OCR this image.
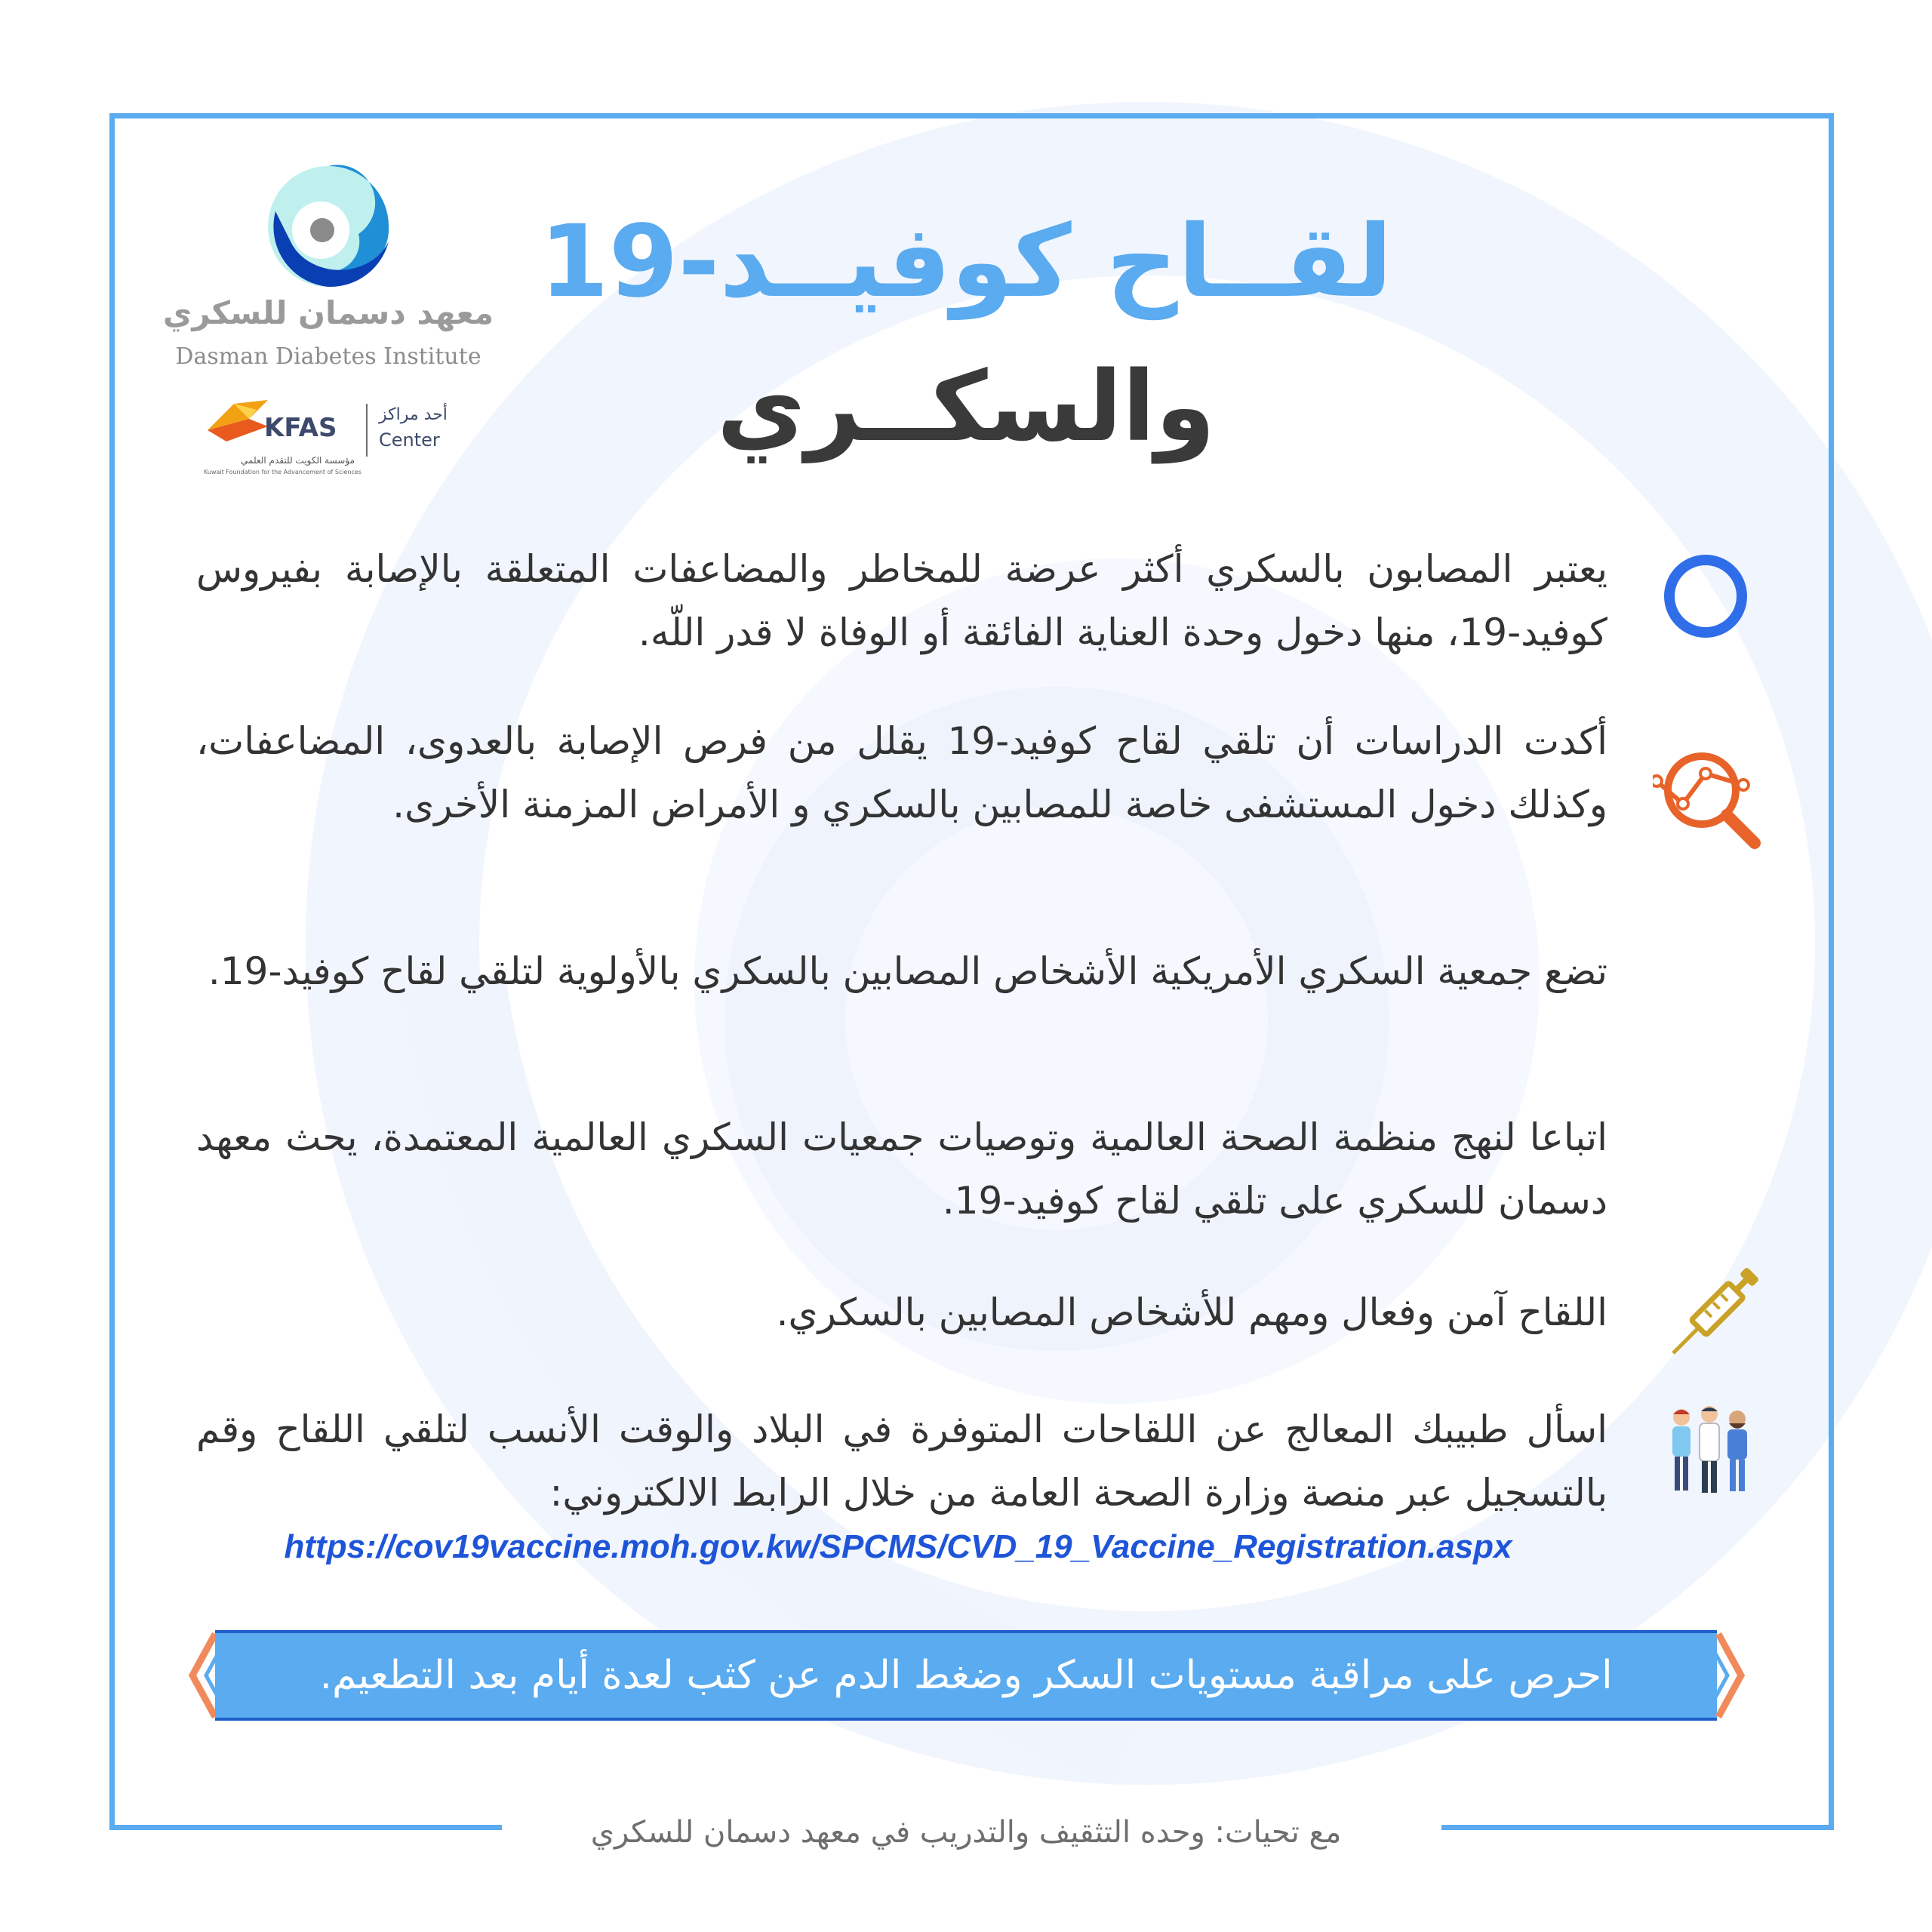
معهد دسمان للسكري
Dasman Diabetes Institute
KFAS
مؤسسة الكويت للتقدم العلمي
Kuwait Foundation for the Advancement of Sciences
أحد مراكز
Center
لقــاح كوفيــد-19
والسكــري
يعتبر المصابون بالسكري أكثر عرضة للمخاطر والمضاعفات المتعلقة بالإصابة بفيروس كوفيد-19، منها دخول وحدة العناية الفائقة أو الوفاة لا قدر اللّه.
أكدت الدراسات أن تلقي لقاح كوفيد-19 يقلل من فرص الإصابة بالعدوى، المضاعفات، وكذلك دخول المستشفى خاصة للمصابين بالسكري و الأمراض المزمنة الأخرى.
تضع جمعية السكري الأمريكية الأشخاص المصابين بالسكري بالأولوية لتلقي لقاح كوفيد-19.
اتباعا لنهج منظمة الصحة العالمية وتوصيات جمعيات السكري العالمية المعتمدة، يحث معهد دسمان للسكري على تلقي لقاح كوفيد-19.
اللقاح آمن وفعال ومهم للأشخاص المصابين بالسكري.
اسأل طبيبك المعالج عن اللقاحات المتوفرة في البلاد والوقت الأنسب لتلقي اللقاح وقم بالتسجيل عبر منصة وزارة الصحة العامة من خلال الرابط الالكتروني:
https://cov19vaccine.moh.gov.kw/SPCMS/CVD_19_Vaccine_Registration.aspx
احرص على مراقبة مستويات السكر وضغط الدم عن كثب لعدة أيام بعد التطعيم.
مع تحيات: وحده التثقيف والتدريب في معهد دسمان للسكري
